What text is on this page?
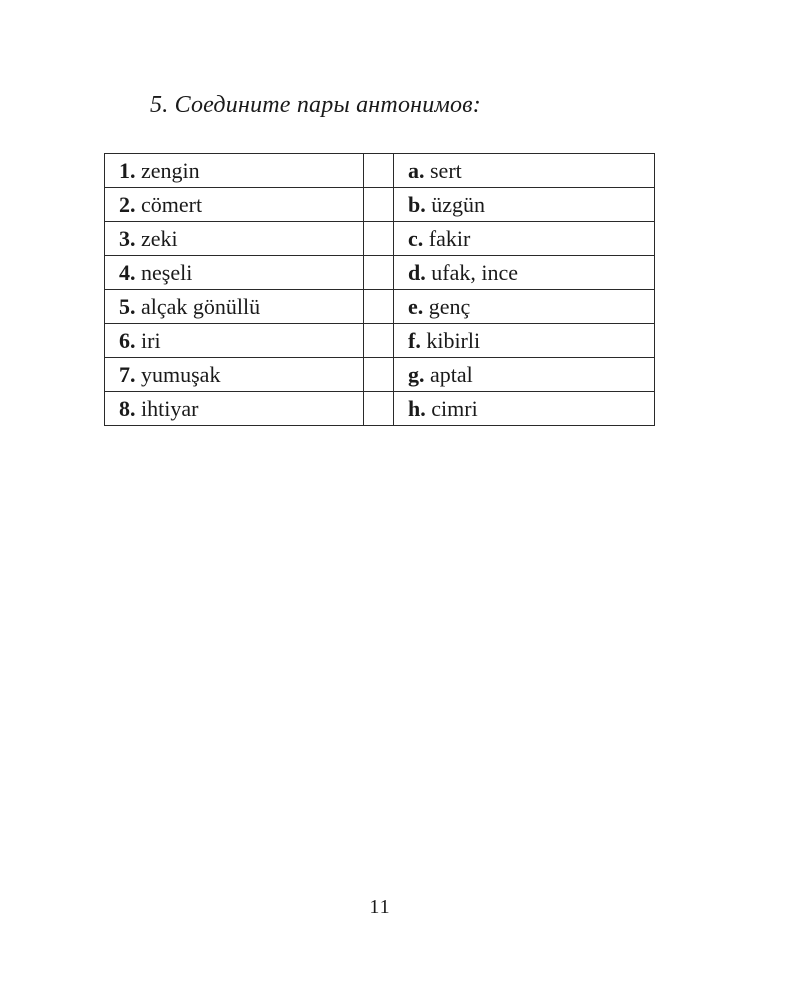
5. Соедините пары антонимов:
1. zengin		a. sert
2. cömert		b. üzgün
3. zeki		c. fakir
4. neşeli		d. ufak, ince
5. alçak gönüllü		e. genç
6. iri		f. kibirli
7. yumuşak		g. aptal
8. ihtiyar		h. cimri
11
